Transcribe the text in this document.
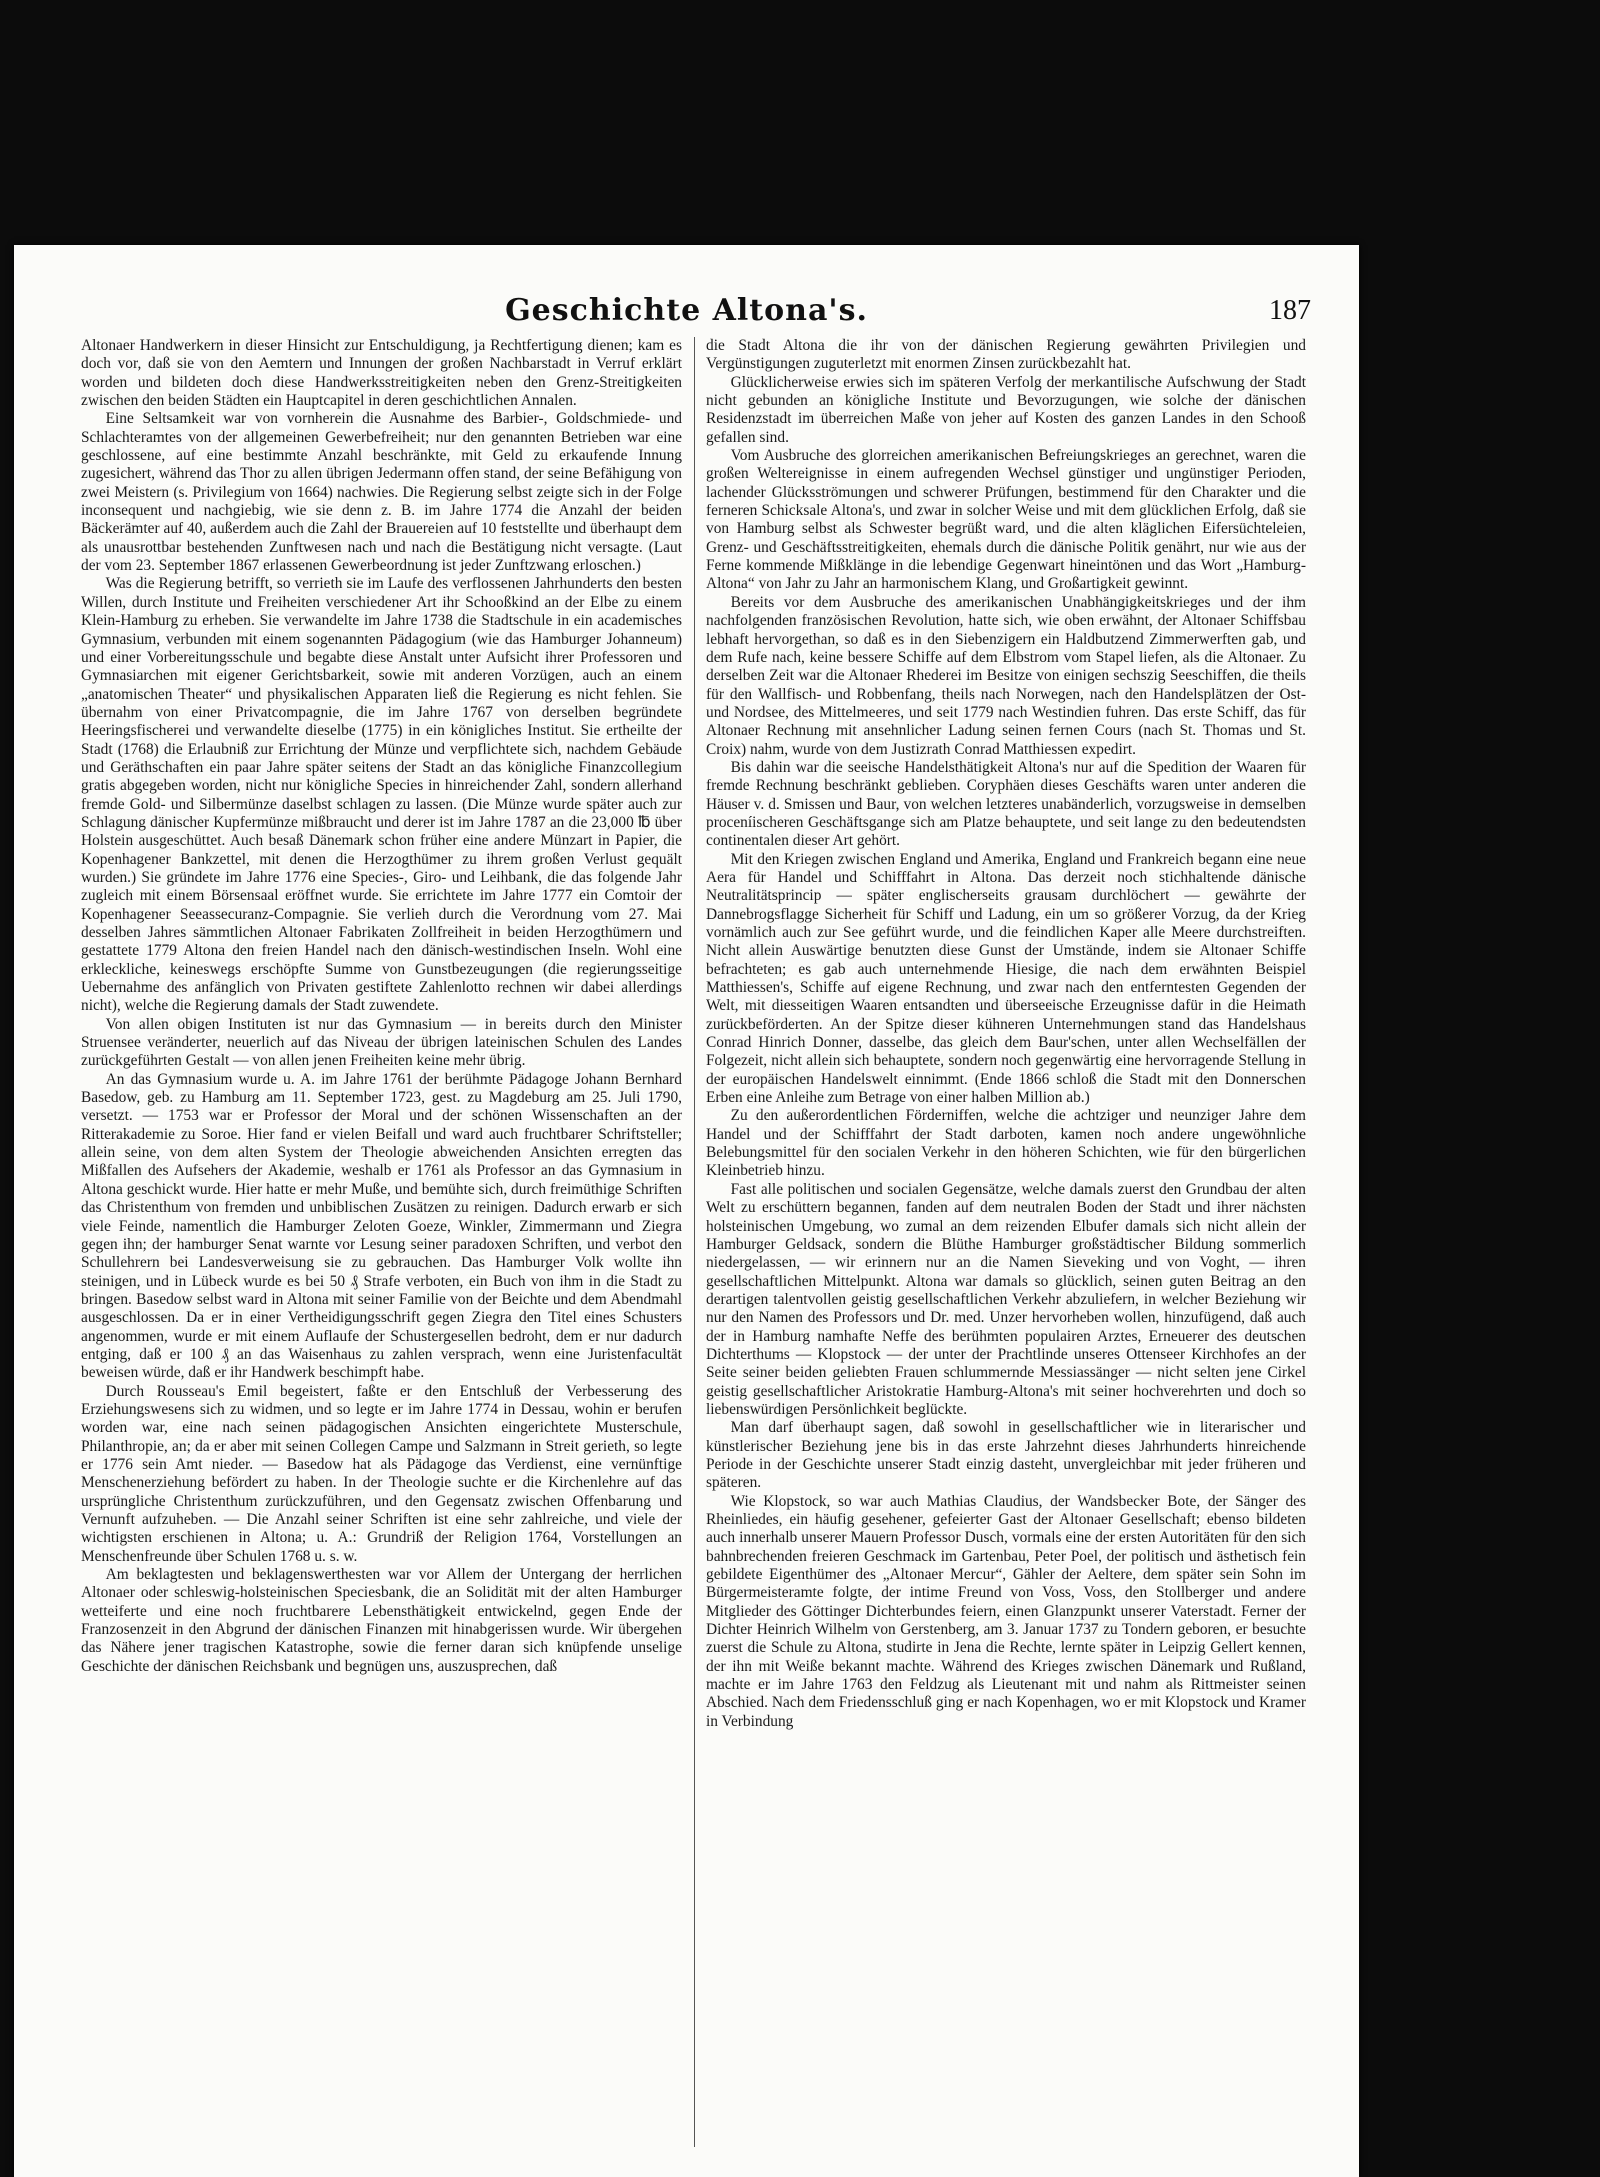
Geschichte Altona's.	187

Altonaer Handwerkern in dieser Hinsicht zur Entschuldigung, ja Rechtfertigung dienen; kam es doch vor, daß sie von den Aemtern und Innungen der großen Nachbarstadt in Verruf erklärt worden und bildeten doch diese Handwerksstreitigkeiten neben den Grenz-Streitigkeiten zwischen den beiden Städten ein Hauptcapitel in deren geschichtlichen Annalen.

Eine Seltsamkeit war von vornherein die Ausnahme des Barbier-, Goldschmiede- und Schlachteramtes von der allgemeinen Gewerbefreiheit; nur den genannten Betrieben war eine geschlossene, auf eine bestimmte Anzahl beschränkte, mit Geld zu erkaufende Innung zugesichert, während das Thor zu allen übrigen Jedermann offen stand, der seine Befähigung von zwei Meistern (s. Privilegium von 1664) nachwies. Die Regierung selbst zeigte sich in der Folge inconsequent und nachgiebig, wie sie denn z. B. im Jahre 1774 die Anzahl der beiden Bäckerämter auf 40, außerdem auch die Zahl der Brauereien auf 10 feststellte und überhaupt dem als unausrottbar bestehenden Zunftwesen nach und nach die Bestätigung nicht versagte. (Laut der vom 23. September 1867 erlassenen Gewerbeordnung ist jeder Zunftzwang erloschen.)

Was die Regierung betrifft, so verrieth sie im Laufe des verflossenen Jahrhunderts den besten Willen, durch Institute und Freiheiten verschiedener Art ihr Schooßkind an der Elbe zu einem Klein-Hamburg zu erheben. Sie verwandelte im Jahre 1738 die Stadtschule in ein academisches Gymnasium, verbunden mit einem sogenannten Pädagogium (wie das Hamburger Johanneum) und einer Vorbereitungsschule und begabte diese Anstalt unter Aufsicht ihrer Professoren und Gymnasiarchen mit eigener Gerichtsbarkeit, sowie mit anderen Vorzügen, auch an einem „anatomischen Theater“ und physikalischen Apparaten ließ die Regierung es nicht fehlen. Sie übernahm von einer Privatcompagnie, die im Jahre 1767 von derselben begründete Heeringsfischerei und verwandelte dieselbe (1775) in ein königliches Institut. Sie ertheilte der Stadt (1768) die Erlaubniß zur Errichtung der Münze und verpflichtete sich, nachdem Gebäude und Geräthschaften ein paar Jahre später seitens der Stadt an das königliche Finanzcollegium gratis abgegeben worden, nicht nur königliche Species in hinreichender Zahl, sondern allerhand fremde Gold- und Silbermünze daselbst schlagen zu lassen. (Die Münze wurde später auch zur Schlagung dänischer Kupfermünze mißbraucht und derer ist im Jahre 1787 an die 23,000 ℔ über Holstein ausgeschüttet. Auch besaß Dänemark schon früher eine andere Münzart in Papier, die Kopenhagener Bankzettel, mit denen die Herzogthümer zu ihrem großen Verlust gequält wurden.) Sie gründete im Jahre 1776 eine Species-, Giro- und Leihbank, die das folgende Jahr zugleich mit einem Börsensaal eröffnet wurde. Sie errichtete im Jahre 1777 ein Comtoir der Kopenhagener Seeassecuranz-Compagnie. Sie verlieh durch die Verordnung vom 27. Mai desselben Jahres sämmtlichen Altonaer Fabrikaten Zollfreiheit in beiden Herzogthümern und gestattete 1779 Altona den freien Handel nach den dänisch-westindischen Inseln. Wohl eine erkleckliche, keineswegs erschöpfte Summe von Gunstbezeugungen (die regierungsseitige Uebernahme des anfänglich von Privaten gestiftete Zahlenlotto rechnen wir dabei allerdings nicht), welche die Regierung damals der Stadt zuwendete.

Von allen obigen Instituten ist nur das Gymnasium — in bereits durch den Minister Struensee veränderter, neuerlich auf das Niveau der übrigen lateinischen Schulen des Landes zurückgeführten Gestalt — von allen jenen Freiheiten keine mehr übrig.

An das Gymnasium wurde u. A. im Jahre 1761 der berühmte Pädagoge Johann Bernhard Basedow, geb. zu Hamburg am 11. September 1723, gest. zu Magdeburg am 25. Juli 1790, versetzt. — 1753 war er Professor der Moral und der schönen Wissenschaften an der Ritterakademie zu Soroe. Hier fand er vielen Beifall und ward auch fruchtbarer Schriftsteller; allein seine, von dem alten System der Theologie abweichenden Ansichten erregten das Mißfallen des Aufsehers der Akademie, weshalb er 1761 als Professor an das Gymnasium in Altona geschickt wurde. Hier hatte er mehr Muße, und bemühte sich, durch freimüthige Schriften das Christenthum von fremden und unbiblischen Zusätzen zu reinigen. Dadurch erwarb er sich viele Feinde, namentlich die Hamburger Zeloten Goeze, Winkler, Zimmermann und Ziegra gegen ihn; der hamburger Senat warnte vor Lesung seiner paradoxen Schriften, und verbot den Schullehrern bei Landesverweisung sie zu gebrauchen. Das Hamburger Volk wollte ihn steinigen, und in Lübeck wurde es bei 50 ₰ Strafe verboten, ein Buch von ihm in die Stadt zu bringen. Basedow selbst ward in Altona mit seiner Familie von der Beichte und dem Abendmahl ausgeschlossen. Da er in einer Vertheidigungsschrift gegen Ziegra den Titel eines Schusters angenommen, wurde er mit einem Auflaufe der Schustergesellen bedroht, dem er nur dadurch entging, daß er 100 ₰ an das Waisenhaus zu zahlen versprach, wenn eine Juristenfacultät beweisen würde, daß er ihr Handwerk beschimpft habe.

Durch Rousseau's Emil begeistert, faßte er den Entschluß der Verbesserung des Erziehungswesens sich zu widmen, und so legte er im Jahre 1774 in Dessau, wohin er berufen worden war, eine nach seinen pädagogischen Ansichten eingerichtete Musterschule, Philanthropie, an; da er aber mit seinen Collegen Campe und Salzmann in Streit gerieth, so legte er 1776 sein Amt nieder. — Basedow hat als Pädagoge das Verdienst, eine vernünftige Menschenerziehung befördert zu haben. In der Theologie suchte er die Kirchenlehre auf das ursprüngliche Christenthum zurückzuführen, und den Gegensatz zwischen Offenbarung und Vernunft aufzuheben. — Die Anzahl seiner Schriften ist eine sehr zahlreiche, und viele der wichtigsten erschienen in Altona; u. A.: Grundriß der Religion 1764, Vorstellungen an Menschenfreunde über Schulen 1768 u. s. w.

Am beklagtesten und beklagenswerthesten war vor Allem der Untergang der herrlichen Altonaer oder schleswig-holsteinischen Speciesbank, die an Solidität mit der alten Hamburger wetteiferte und eine noch fruchtbarere Lebensthätigkeit entwickelnd, gegen Ende der Franzosenzeit in den Abgrund der dänischen Finanzen mit hinabgerissen wurde. Wir übergehen das Nähere jener tragischen Katastrophe, sowie die ferner daran sich knüpfende unselige Geschichte der dänischen Reichsbank und begnügen uns, auszusprechen, daß

die Stadt Altona die ihr von der dänischen Regierung gewährten Privilegien und Vergünstigungen zuguterletzt mit enormen Zinsen zurückbezahlt hat.

Glücklicherweise erwies sich im späteren Verfolg der merkantilische Aufschwung der Stadt nicht gebunden an königliche Institute und Bevorzugungen, wie solche der dänischen Residenzstadt im überreichen Maße von jeher auf Kosten des ganzen Landes in den Schooß gefallen sind.

Vom Ausbruche des glorreichen amerikanischen Befreiungskrieges an gerechnet, waren die großen Weltereignisse in einem aufregenden Wechsel günstiger und ungünstiger Perioden, lachender Glücksströmungen und schwerer Prüfungen, bestimmend für den Charakter und die ferneren Schicksale Altona's, und zwar in solcher Weise und mit dem glücklichen Erfolg, daß sie von Hamburg selbst als Schwester begrüßt ward, und die alten kläglichen Eifersüchteleien, Grenz- und Geschäftsstreitigkeiten, ehemals durch die dänische Politik genährt, nur wie aus der Ferne kommende Mißklänge in die lebendige Gegenwart hineintönen und das Wort „Hamburg-Altona“ von Jahr zu Jahr an harmonischem Klang, und Großartigkeit gewinnt.

Bereits vor dem Ausbruche des amerikanischen Unabhängigkeitskrieges und der ihm nachfolgenden französischen Revolution, hatte sich, wie oben erwähnt, der Altonaer Schiffsbau lebhaft hervorgethan, so daß es in den Siebenzigern ein Haldbutzend Zimmerwerften gab, und dem Rufe nach, keine bessere Schiffe auf dem Elbstrom vom Stapel liefen, als die Altonaer. Zu derselben Zeit war die Altonaer Rhederei im Besitze von einigen sechszig Seeschiffen, die theils für den Wallfisch- und Robbenfang, theils nach Norwegen, nach den Handelsplätzen der Ost- und Nordsee, des Mittelmeeres, und seit 1779 nach Westindien fuhren. Das erste Schiff, das für Altonaer Rechnung mit ansehnlicher Ladung seinen fernen Cours (nach St. Thomas und St. Croix) nahm, wurde von dem Justizrath Conrad Matthiessen expedirt.

Bis dahin war die seeische Handelsthätigkeit Altona's nur auf die Spedition der Waaren für fremde Rechnung beschränkt geblieben. Coryphäen dieses Geschäfts waren unter anderen die Häuser v. d. Smissen und Baur, von welchen letzteres unabänderlich, vorzugsweise in demselben proceníischeren Geschäftsgange sich am Platze behauptete, und seit lange zu den bedeutendsten continentalen dieser Art gehört.

Mit den Kriegen zwischen England und Amerika, England und Frankreich begann eine neue Aera für Handel und Schifffahrt in Altona. Das derzeit noch stichhaltende dänische Neutralitätsprincip — später englischerseits grausam durchlöchert — gewährte der Dannebrogsflagge Sicherheit für Schiff und Ladung, ein um so größerer Vorzug, da der Krieg vornämlich auch zur See geführt wurde, und die feindlichen Kaper alle Meere durchstreiften. Nicht allein Auswärtige benutzten diese Gunst der Umstände, indem sie Altonaer Schiffe befrachteten; es gab auch unternehmende Hiesige, die nach dem erwähnten Beispiel Matthiessen's, Schiffe auf eigene Rechnung, und zwar nach den entferntesten Gegenden der Welt, mit diesseitigen Waaren entsandten und überseeische Erzeugnisse dafür in die Heimath zurückbeförderten. An der Spitze dieser kühneren Unternehmungen stand das Handelshaus Conrad Hinrich Donner, dasselbe, das gleich dem Baur'schen, unter allen Wechselfällen der Folgezeit, nicht allein sich behauptete, sondern noch gegenwärtig eine hervorragende Stellung in der europäischen Handelswelt einnimmt. (Ende 1866 schloß die Stadt mit den Donnerschen Erben eine Anleihe zum Betrage von einer halben Million ab.)

Zu den außerordentlichen Förderniffen, welche die achtziger und neunziger Jahre dem Handel und der Schifffahrt der Stadt darboten, kamen noch andere ungewöhnliche Belebungsmittel für den socialen Verkehr in den höheren Schichten, wie für den bürgerlichen Kleinbetrieb hinzu.

Fast alle politischen und socialen Gegensätze, welche damals zuerst den Grundbau der alten Welt zu erschüttern begannen, fanden auf dem neutralen Boden der Stadt und ihrer nächsten holsteinischen Umgebung, wo zumal an dem reizenden Elbufer damals sich nicht allein der Hamburger Geldsack, sondern die Blüthe Hamburger großstädtischer Bildung sommerlich niedergelassen, — wir erinnern nur an die Namen Sieveking und von Voght, — ihren gesellschaftlichen Mittelpunkt. Altona war damals so glücklich, seinen guten Beitrag an den derartigen talentvollen geistig gesellschaftlichen Verkehr abzuliefern, in welcher Beziehung wir nur den Namen des Professors und Dr. med. Unzer hervorheben wollen, hinzufügend, daß auch der in Hamburg namhafte Neffe des berühmten populairen Arztes, Erneuerer des deutschen Dichterthums — Klopstock — der unter der Prachtlinde unseres Ottenseer Kirchhofes an der Seite seiner beiden geliebten Frauen schlummernde Messiassänger — nicht selten jene Cirkel geistig gesellschaftlicher Aristokratie Hamburg-Altona's mit seiner hochverehrten und doch so liebenswürdigen Persönlichkeit beglückte.

Man darf überhaupt sagen, daß sowohl in gesellschaftlicher wie in literarischer und künstlerischer Beziehung jene bis in das erste Jahrzehnt dieses Jahrhunderts hinreichende Periode in der Geschichte unserer Stadt einzig dasteht, unvergleichbar mit jeder früheren und späteren.

Wie Klopstock, so war auch Mathias Claudius, der Wandsbecker Bote, der Sänger des Rheinliedes, ein häufig gesehener, gefeierter Gast der Altonaer Gesellschaft; ebenso bildeten auch innerhalb unserer Mauern Professor Dusch, vormals eine der ersten Autoritäten für den sich bahnbrechenden freieren Geschmack im Gartenbau, Peter Poel, der politisch und ästhetisch fein gebildete Eigenthümer des „Altonaer Mercur“, Gähler der Aeltere, dem später sein Sohn im Bürgermeisteramte folgte, der intime Freund von Voss, Voss, den Stollberger und andere Mitglieder des Göttinger Dichterbundes feiern, einen Glanzpunkt unserer Vaterstadt. Ferner der Dichter Heinrich Wilhelm von Gerstenberg, am 3. Januar 1737 zu Tondern geboren, er besuchte zuerst die Schule zu Altona, studirte in Jena die Rechte, lernte später in Leipzig Gellert kennen, der ihn mit Weiße bekannt machte. Während des Krieges zwischen Dänemark und Rußland, machte er im Jahre 1763 den Feldzug als Lieutenant mit und nahm als Rittmeister seinen Abschied. Nach dem Friedensschluß ging er nach Kopenhagen, wo er mit Klopstock und Kramer in Verbindung
